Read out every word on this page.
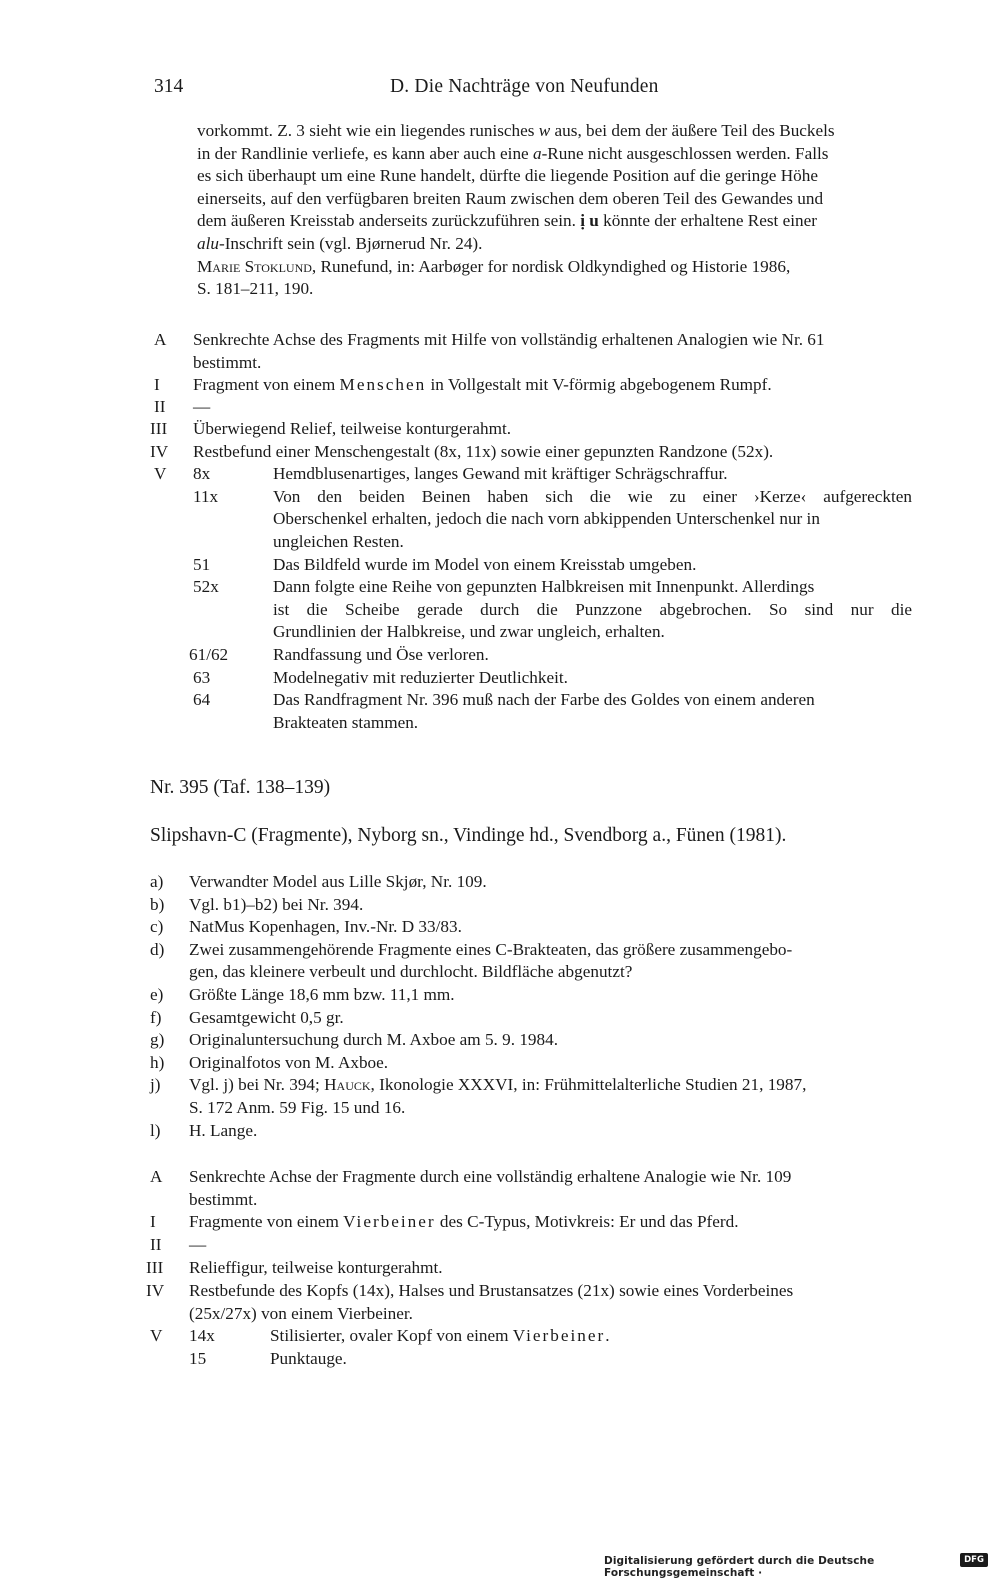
314	D. Die Nachträge von Neufunden
vorkommt. Z. 3 sieht wie ein liegendes runisches w aus, bei dem der äußere Teil des Buckels
in der Randlinie verliefe, es kann aber auch eine a-Rune nicht ausgeschlossen werden. Falls
es sich überhaupt um eine Rune handelt, dürfte die liegende Position auf die geringe Höhe
einerseits, auf den verfügbaren breiten Raum zwischen dem oberen Teil des Gewandes und
dem äußeren Kreisstab anderseits zurückzuführen sein. ị u könnte der erhaltene Rest einer
alu-Inschrift sein (vgl. Bjørnerud Nr. 24).
Marie Stoklund, Runefund, in: Aarbøger for nordisk Oldkyndighed og Historie 1986,
S. 181–211, 190.
A Senkrechte Achse des Fragments mit Hilfe von vollständig erhaltenen Analogien wie Nr. 61
bestimmt.
I Fragment von einem Menschen in Vollgestalt mit V-förmig abgebogenem Rumpf.
II —
III Überwiegend Relief, teilweise konturgerahmt.
IV Restbefund einer Menschengestalt (8x, 11x) sowie einer gepunzten Randzone (52x).
V 8x	Hemdblusenartiges, langes Gewand mit kräftiger Schrägschraffur.
11x	Von den beiden Beinen haben sich die wie zu einer ›Kerze‹ aufgereckten
Oberschenkel erhalten, jedoch die nach vorn abkippenden Unterschenkel nur in
ungleichen Resten.
51	Das Bildfeld wurde im Model von einem Kreisstab umgeben.
52x	Dann folgte eine Reihe von gepunzten Halbkreisen mit Innenpunkt. Allerdings
ist die Scheibe gerade durch die Punzzone abgebrochen. So sind nur die
Grundlinien der Halbkreise, und zwar ungleich, erhalten.
61/62	Randfassung und Öse verloren.
63	Modelnegativ mit reduzierter Deutlichkeit.
64	Das Randfragment Nr. 396 muß nach der Farbe des Goldes von einem anderen
Brakteaten stammen.
Nr. 395 (Taf. 138–139)
Slipshavn-C (Fragmente), Nyborg sn., Vindinge hd., Svendborg a., Fünen (1981).
a) Verwandter Model aus Lille Skjør, Nr. 109.
b) Vgl. b1)–b2) bei Nr. 394.
c) NatMus Kopenhagen, Inv.-Nr. D 33/83.
d) Zwei zusammengehörende Fragmente eines C-Brakteaten, das größere zusammengebo-
gen, das kleinere verbeult und durchlocht. Bildfläche abgenutzt?
e) Größte Länge 18,6 mm bzw. 11,1 mm.
f) Gesamtgewicht 0,5 gr.
g) Originaluntersuchung durch M. Axboe am 5. 9. 1984.
h) Originalfotos von M. Axboe.
j) Vgl. j) bei Nr. 394; Hauck, Ikonologie XXXVI, in: Frühmittelalterliche Studien 21, 1987,
S. 172 Anm. 59 Fig. 15 und 16.
l) H. Lange.
A Senkrechte Achse der Fragmente durch eine vollständig erhaltene Analogie wie Nr. 109
bestimmt.
I Fragmente von einem Vierbeiner des C-Typus, Motivkreis: Er und das Pferd.
II —
III Relieffigur, teilweise konturgerahmt.
IV Restbefunde des Kopfs (14x), Halses und Brustansatzes (21x) sowie eines Vorderbeines
(25x/27x) von einem Vierbeiner.
V 14x	Stilisierter, ovaler Kopf von einem Vierbeiner.
15	Punktauge.
Digitalisierung gefördert durch die Deutsche Forschungsgemeinschaft ·
DFG
